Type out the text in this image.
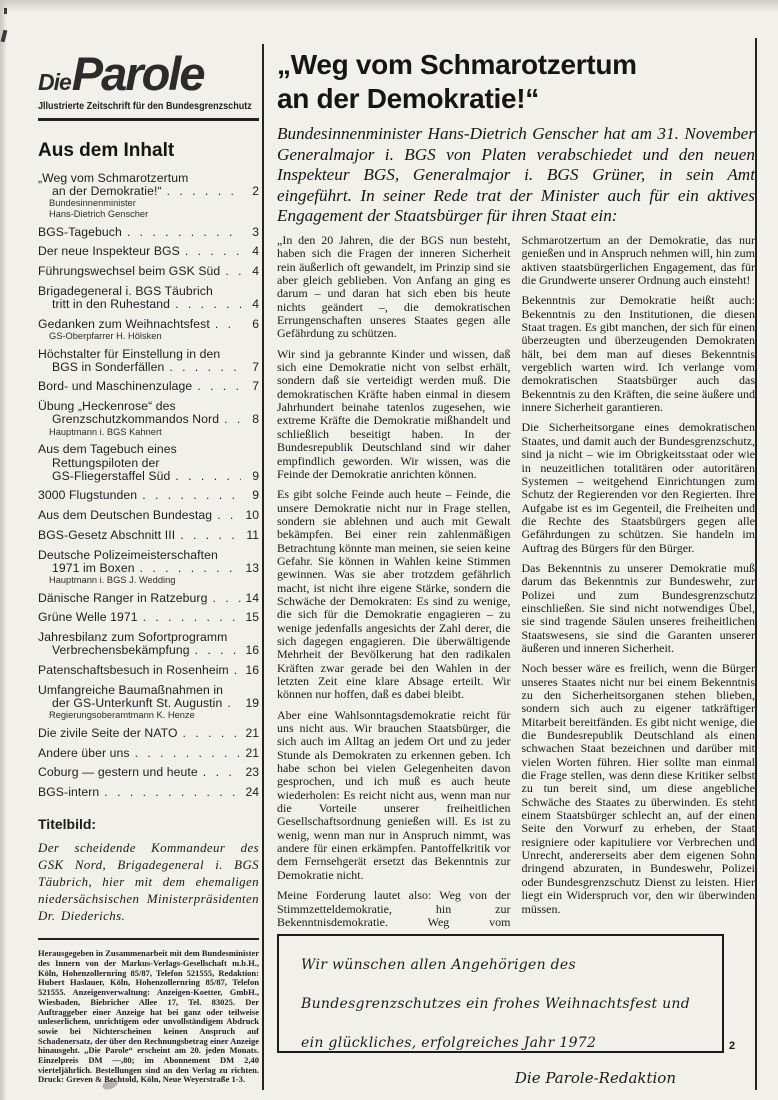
Die Parole
Jllustrierte Zeitschrift für den Bundesgrenzschutz
Aus dem Inhalt
„Weg vom Schmarotzertum
an der Demokratie!“ . . .	2
Bundesinnenminister
Hans-Dietrich Genscher
BGS-Tagebuch . . .	3
Der neue Inspekteur BGS . . .	4
Führungswechsel beim GSK Süd . . .	4
Brigadegeneral i. BGS Täubrich
tritt in den Ruhestand . . .	4
Gedanken zum Weihnachtsfest . . .	6
GS-Oberpfarrer H. Hölsken
Höchstalter für Einstellung in den
BGS in Sonderfällen . . .	7
Bord- und Maschinenzulage . . .	7
Übung „Heckenrose“ des
Grenzschutzkommandos Nord . . .	8
Hauptmann i. BGS Kahnert
Aus dem Tagebuch eines
Rettungspiloten der
GS-Fliegerstaffel Süd . . .	9
3000 Flugstunden . . .	9
Aus dem Deutschen Bundestag . . .	10
BGS-Gesetz Abschnitt III . . .	11
Deutsche Polizeimeisterschaften
1971 im Boxen . . .	13
Hauptmann i. BGS J. Wedding
Dänische Ranger in Ratzeburg . . .	14
Grüne Welle 1971 . . .	15
Jahresbilanz zum Sofortprogramm
Verbrechensbekämpfung . . .	16
Patenschaftsbesuch in Rosenheim . . . 16
Umfangreiche Baumaßnahmen in
der GS-Unterkunft St. Augustin . . . 19
Regierungsoberamtmann K. Henze
Die zivile Seite der NATO . . .	21
Andere über uns . . .	21
Coburg — gestern und heute . . .	23
BGS-intern . . .	24
Titelbild:
Der scheidende Kommandeur des GSK Nord, Brigadegeneral i. BGS Täubrich, hier mit dem ehemaligen niedersächsischen Ministerpräsidenten Dr. Diederichs.
Herausgegeben in Zusammenarbeit mit dem Bundesminister des Innern von der Markus-Verlags-Gesellschaft m.b.H., Köln, Hohenzollernring 85/87, Telefon 521555, Redaktion: Hubert Haslauer, Köln, Hohenzollernring 85/87, Telefon 521555. Anzeigenverwaltung: Anzeigen-Koetter, GmbH., Wiesbaden, Biebricher Allee 17, Tel. 83025. Der Auftraggeber einer Anzeige hat bei ganz oder teilweise unleserlichem, unrichtigem oder unvollständigem Abdruck sowie bei Nichterscheinen keinen Anspruch auf Schadenersatz, der über den Rechnungsbetrag einer Anzeige hinausgeht. „Die Parole“ erscheint am 20. jeden Monats. Einzelpreis DM —,80; im Abonnement DM 2,40 vierteljährlich. Bestellungen sind an den Verlag zu richten. Druck: Greven & Bechtold, Köln, Neue Weyerstraße 1-3.
„Weg vom Schmarotzertum
an der Demokratie!“
Bundesinnenminister Hans-Dietrich Genscher hat am 31. November Generalmajor i. BGS von Platen verabschiedet und den neuen Inspekteur BGS, Generalmajor i. BGS Grüner, in sein Amt eingeführt. In seiner Rede trat der Minister auch für ein aktives Engagement der Staatsbürger für ihren Staat ein:

„In den 20 Jahren, die der BGS nun besteht, haben sich die Fragen der inneren Sicherheit rein äußerlich oft gewandelt, im Prinzip sind sie aber gleich geblieben. Von Anfang an ging es darum – und daran hat sich eben bis heute nichts geändert –, die demokratischen Errungenschaften unseres Staates gegen alle Gefährdung zu schützen.

Wir sind ja gebrannte Kinder und wissen, daß sich eine Demokratie nicht von selbst erhält, sondern daß sie verteidigt werden muß. Die demokratischen Kräfte haben einmal in diesem Jahrhundert beinahe tatenlos zugesehen, wie extreme Kräfte die Demokratie mißhandelt und schließlich beseitigt haben. In der Bundesrepublik Deutschland sind wir daher empfindlich geworden. Wir wissen, was die Feinde der Demokratie anrichten können.

Es gibt solche Feinde auch heute – Feinde, die unsere Demokratie nicht nur in Frage stellen, sondern sie ablehnen und auch mit Gewalt bekämpfen. Bei einer rein zahlenmäßigen Betrachtung könnte man meinen, sie seien keine Gefahr. Sie können in Wahlen keine Stimmen gewinnen. Was sie aber trotzdem gefährlich macht, ist nicht ihre eigene Stärke, sondern die Schwäche der Demokraten: Es sind zu wenige, die sich für die Demokratie engagieren – zu wenige jedenfalls angesichts der Zahl derer, die sich dagegen engagieren. Die überwältigende Mehrheit der Bevölkerung hat den radikalen Kräften zwar gerade bei den Wahlen in der letzten Zeit eine klare Absage erteilt. Wir können nur hoffen, daß es dabei bleibt.

Aber eine Wahlsonntagsdemokratie reicht für uns nicht aus. Wir brauchen Staatsbürger, die sich auch im Alltag an jedem Ort und zu jeder Stunde als Demokraten zu erkennen geben. Ich habe schon bei vielen Gelegenheiten davon gesprochen, und ich muß es auch heute wiederholen: Es reicht nicht aus, wenn man nur die Vorteile unserer freiheitlichen Gesellschaftsordnung genießen will. Es ist zu wenig, wenn man nur in Anspruch nimmt, was andere für einen erkämpfen. Pantoffelkritik vor dem Fernsehgerät ersetzt das Bekenntnis zur Demokratie nicht.

Meine Forderung lautet also: Weg von der Stimmzetteldemokratie, hin zur Bekenntnisdemokratie. Weg vom Schmarotzertum an der Demokratie, das nur genießen und in Anspruch nehmen will, hin zum aktiven staatsbürgerlichen Engagement, das für die Grundwerte unserer Ordnung auch einsteht!

Bekenntnis zur Demokratie heißt auch: Bekenntnis zu den Institutionen, die diesen Staat tragen. Es gibt manchen, der sich für einen überzeugten und überzeugenden Demokraten hält, bei dem man auf dieses Bekenntnis vergeblich warten wird. Ich verlange vom demokratischen Staatsbürger auch das Bekenntnis zu den Kräften, die seine äußere und innere Sicherheit garantieren.

Die Sicherheitsorgane eines demokratischen Staates, und damit auch der Bundesgrenzschutz, sind ja nicht – wie im Obrigkeitsstaat oder wie in neuzeitlichen totalitären oder autoritären Systemen – weitgehend Einrichtungen zum Schutz der Regierenden vor den Regierten. Ihre Aufgabe ist es im Gegenteil, die Freiheiten und die Rechte des Staatsbürgers gegen alle Gefährdungen zu schützen. Sie handeln im Auftrag des Bürgers für den Bürger.

Das Bekenntnis zu unserer Demokratie muß darum das Bekenntnis zur Bundeswehr, zur Polizei und zum Bundesgrenzschutz einschließen. Sie sind nicht notwendiges Übel, sie sind tragende Säulen unseres freiheitlichen Staatswesens, sie sind die Garanten unserer äußeren und inneren Sicherheit.

Noch besser wäre es freilich, wenn die Bürger unseres Staates nicht nur bei einem Bekenntnis zu den Sicherheitsorganen stehen blieben, sondern sich auch zu eigener tatkräftiger Mitarbeit bereitfänden. Es gibt nicht wenige, die die Bundesrepublik Deutschland als einen schwachen Staat bezeichnen und darüber mit vielen Worten führen. Hier sollte man einmal die Frage stellen, was denn diese Kritiker selbst zu tun bereit sind, um diese angebliche Schwäche des Staates zu überwinden. Es steht einem Staatsbürger schlecht an, auf der einen Seite den Vorwurf zu erheben, der Staat resigniere oder kapituliere vor Verbrechen und Unrecht, andererseits aber dem eigenen Sohn dringend abzuraten, in Bundeswehr, Polizei oder Bundesgrenzschutz Dienst zu leisten. Hier liegt ein Widerspruch vor, den wir überwinden müssen.

Wir wünschen allen Angehörigen des Bundesgrenzschutzes ein frohes Weihnachtsfest und ein glückliches, erfolgreiches Jahr 1972
Die Parole-Redaktion
2
